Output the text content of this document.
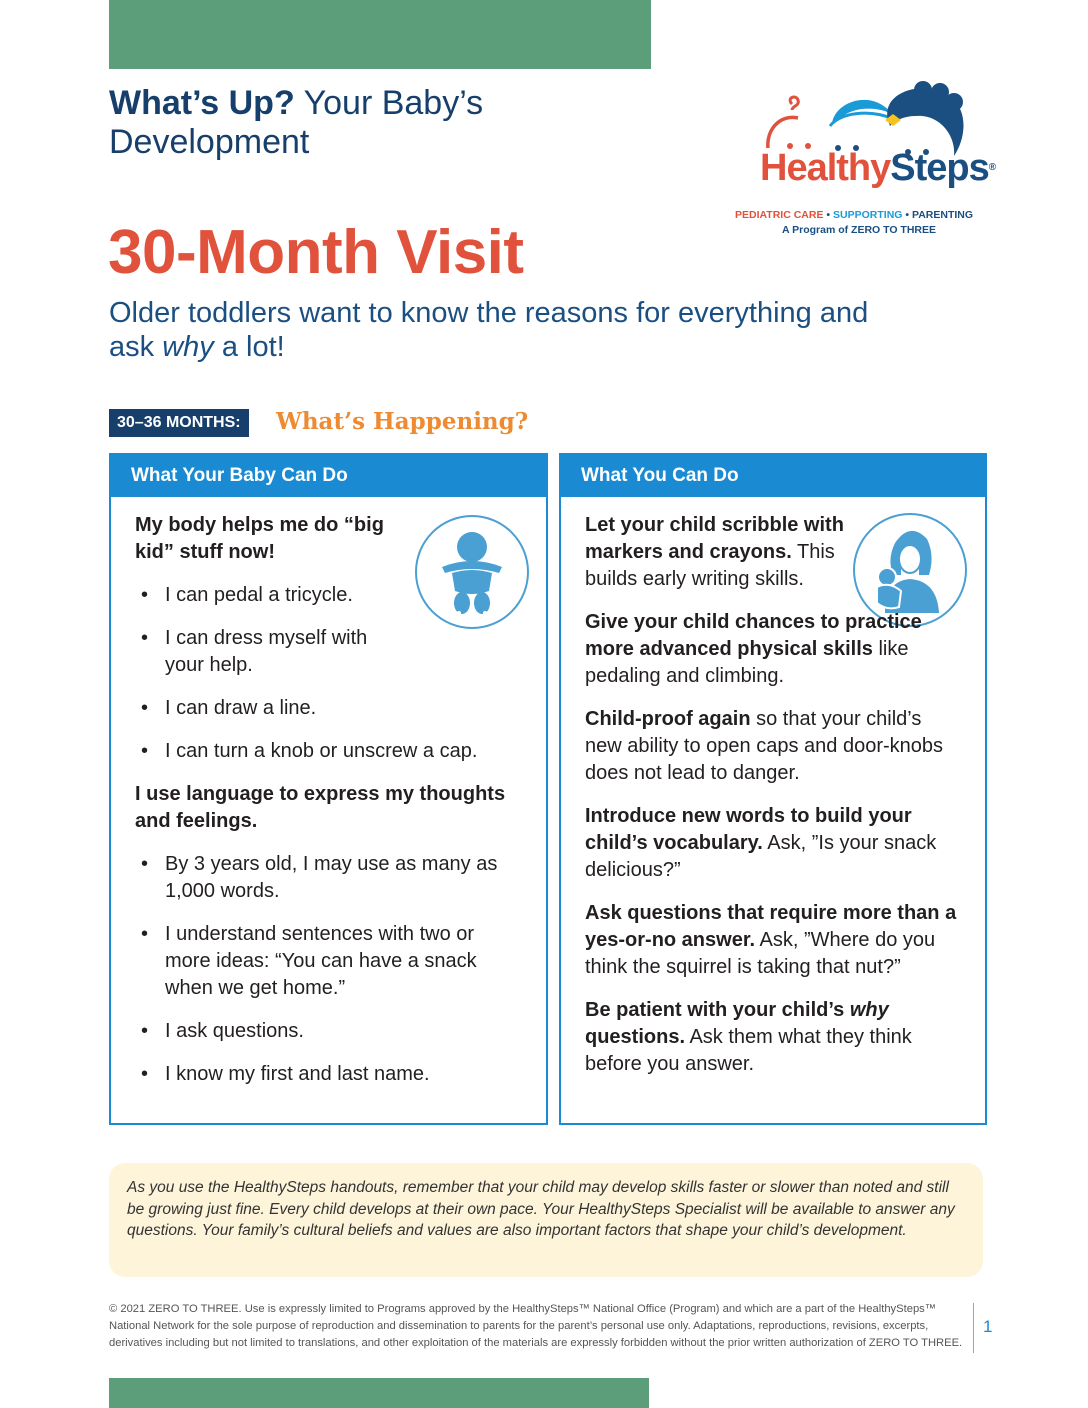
What’s Up? Your Baby’s Development
HealthySteps®
PEDIATRIC CARE • SUPPORTING • PARENTING
A Program of ZERO TO THREE
30-Month Visit
Older toddlers want to know the reasons for everything and ask why a lot!
30–36 MONTHS:	What’s Happening?
What Your Baby Can Do

My body helps me do “big kid” stuff now!

• I can pedal a tricycle.

• I can dress myself with your help.

• I can draw a line.

• I can turn a knob or unscrew a cap.

I use language to express my thoughts and feelings.

• By 3 years old, I may use as many as 1,000 words.

• I understand sentences with two or more ideas: “You can have a snack when we get home.”

• I ask questions.

• I know my first and last name.

What You Can Do

Let your child scribble with markers and crayons. This builds early writing skills.

Give your child chances to practice more advanced physical skills like pedaling and climbing.

Child-proof again so that your child’s new ability to open caps and door-knobs does not lead to danger.

Introduce new words to build your child’s vocabulary. Ask, ”Is your snack delicious?”

Ask questions that require more than a yes-or-no answer. Ask, ”Where do you think the squirrel is taking that nut?”

Be patient with your child’s why questions. Ask them what they think before you answer.

As you use the HealthySteps handouts, remember that your child may develop skills faster or slower than noted and still be growing just fine. Every child develops at their own pace. Your HealthySteps Specialist will be available to answer any questions. Your family’s cultural beliefs and values are also important factors that shape your child’s development.
© 2021 ZERO TO THREE. Use is expressly limited to Programs approved by the HealthySteps™ National Office (Program) and which are a part of the HealthySteps™ National Network for the sole purpose of reproduction and dissemination to parents for the parent’s personal use only. Adaptations, reproductions, revisions, excerpts, derivatives including but not limited to translations, and other exploitation of the materials are expressly forbidden without the prior written authorization of ZERO TO THREE.
1
